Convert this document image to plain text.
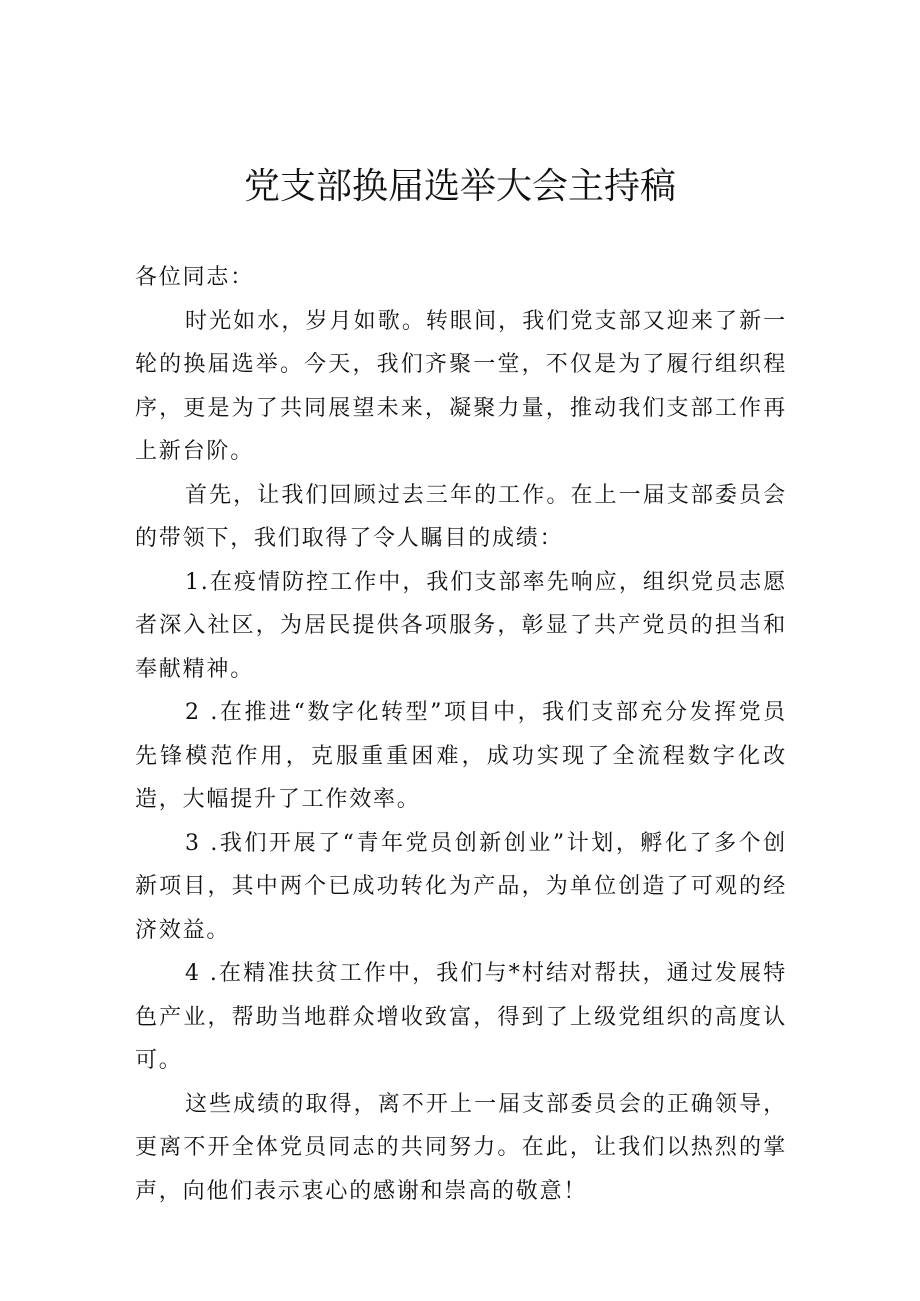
党支部换届选举大会主持稿

各位同志：

时光如水，岁月如歌。转眼间，我们党支部又迎来了新一轮的换届选举。今天，我们齐聚一堂，不仅是为了履行组织程序，更是为了共同展望未来，凝聚力量，推动我们支部工作再上新台阶。

首先，让我们回顾过去三年的工作。在上一届支部委员会的带领下，我们取得了令人瞩目的成绩：

1.在疫情防控工作中，我们支部率先响应，组织党员志愿者深入社区，为居民提供各项服务，彰显了共产党员的担当和奉献精神。

2 .在推进“数字化转型”项目中，我们支部充分发挥党员先锋模范作用，克服重重困难，成功实现了全流程数字化改造，大幅提升了工作效率。

3 .我们开展了“青年党员创新创业”计划，孵化了多个创新项目，其中两个已成功转化为产品，为单位创造了可观的经济效益。

4 .在精准扶贫工作中，我们与*村结对帮扶，通过发展特色产业，帮助当地群众增收致富，得到了上级党组织的高度认可。

这些成绩的取得，离不开上一届支部委员会的正确领导，更离不开全体党员同志的共同努力。在此，让我们以热烈的掌声，向他们表示衷心的感谢和崇高的敬意！
